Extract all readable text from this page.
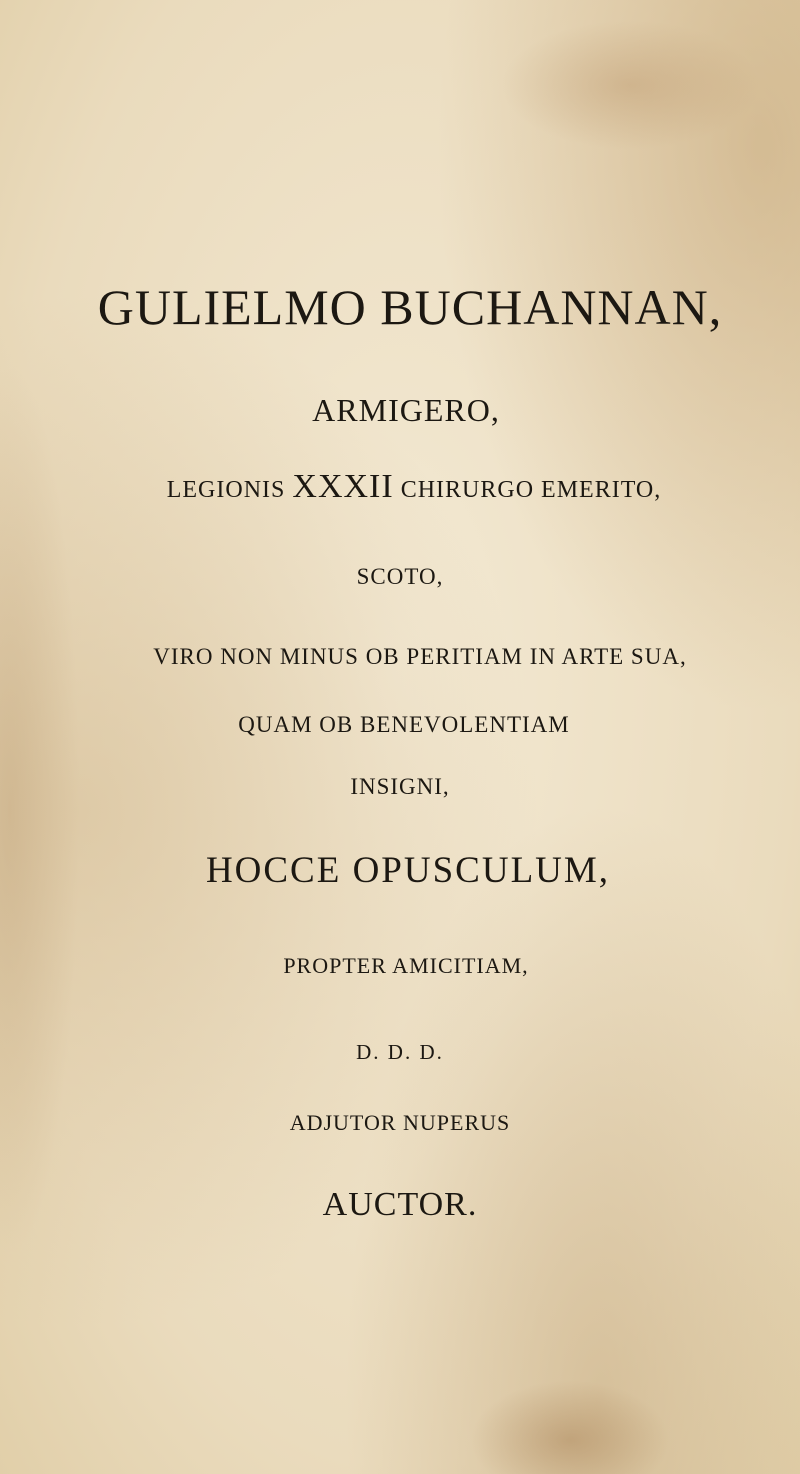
GULIELMO BUCHANNAN,

ARMIGERO,

LEGIONIS XXXII CHIRURGO EMERITO,

SCOTO,

VIRO NON MINUS OB PERITIAM IN ARTE SUA,

QUAM OB BENEVOLENTIAM

INSIGNI,

HOCCE OPUSCULUM,

PROPTER AMICITIAM,

D. D. D.

ADJUTOR NUPERUS

AUCTOR.
